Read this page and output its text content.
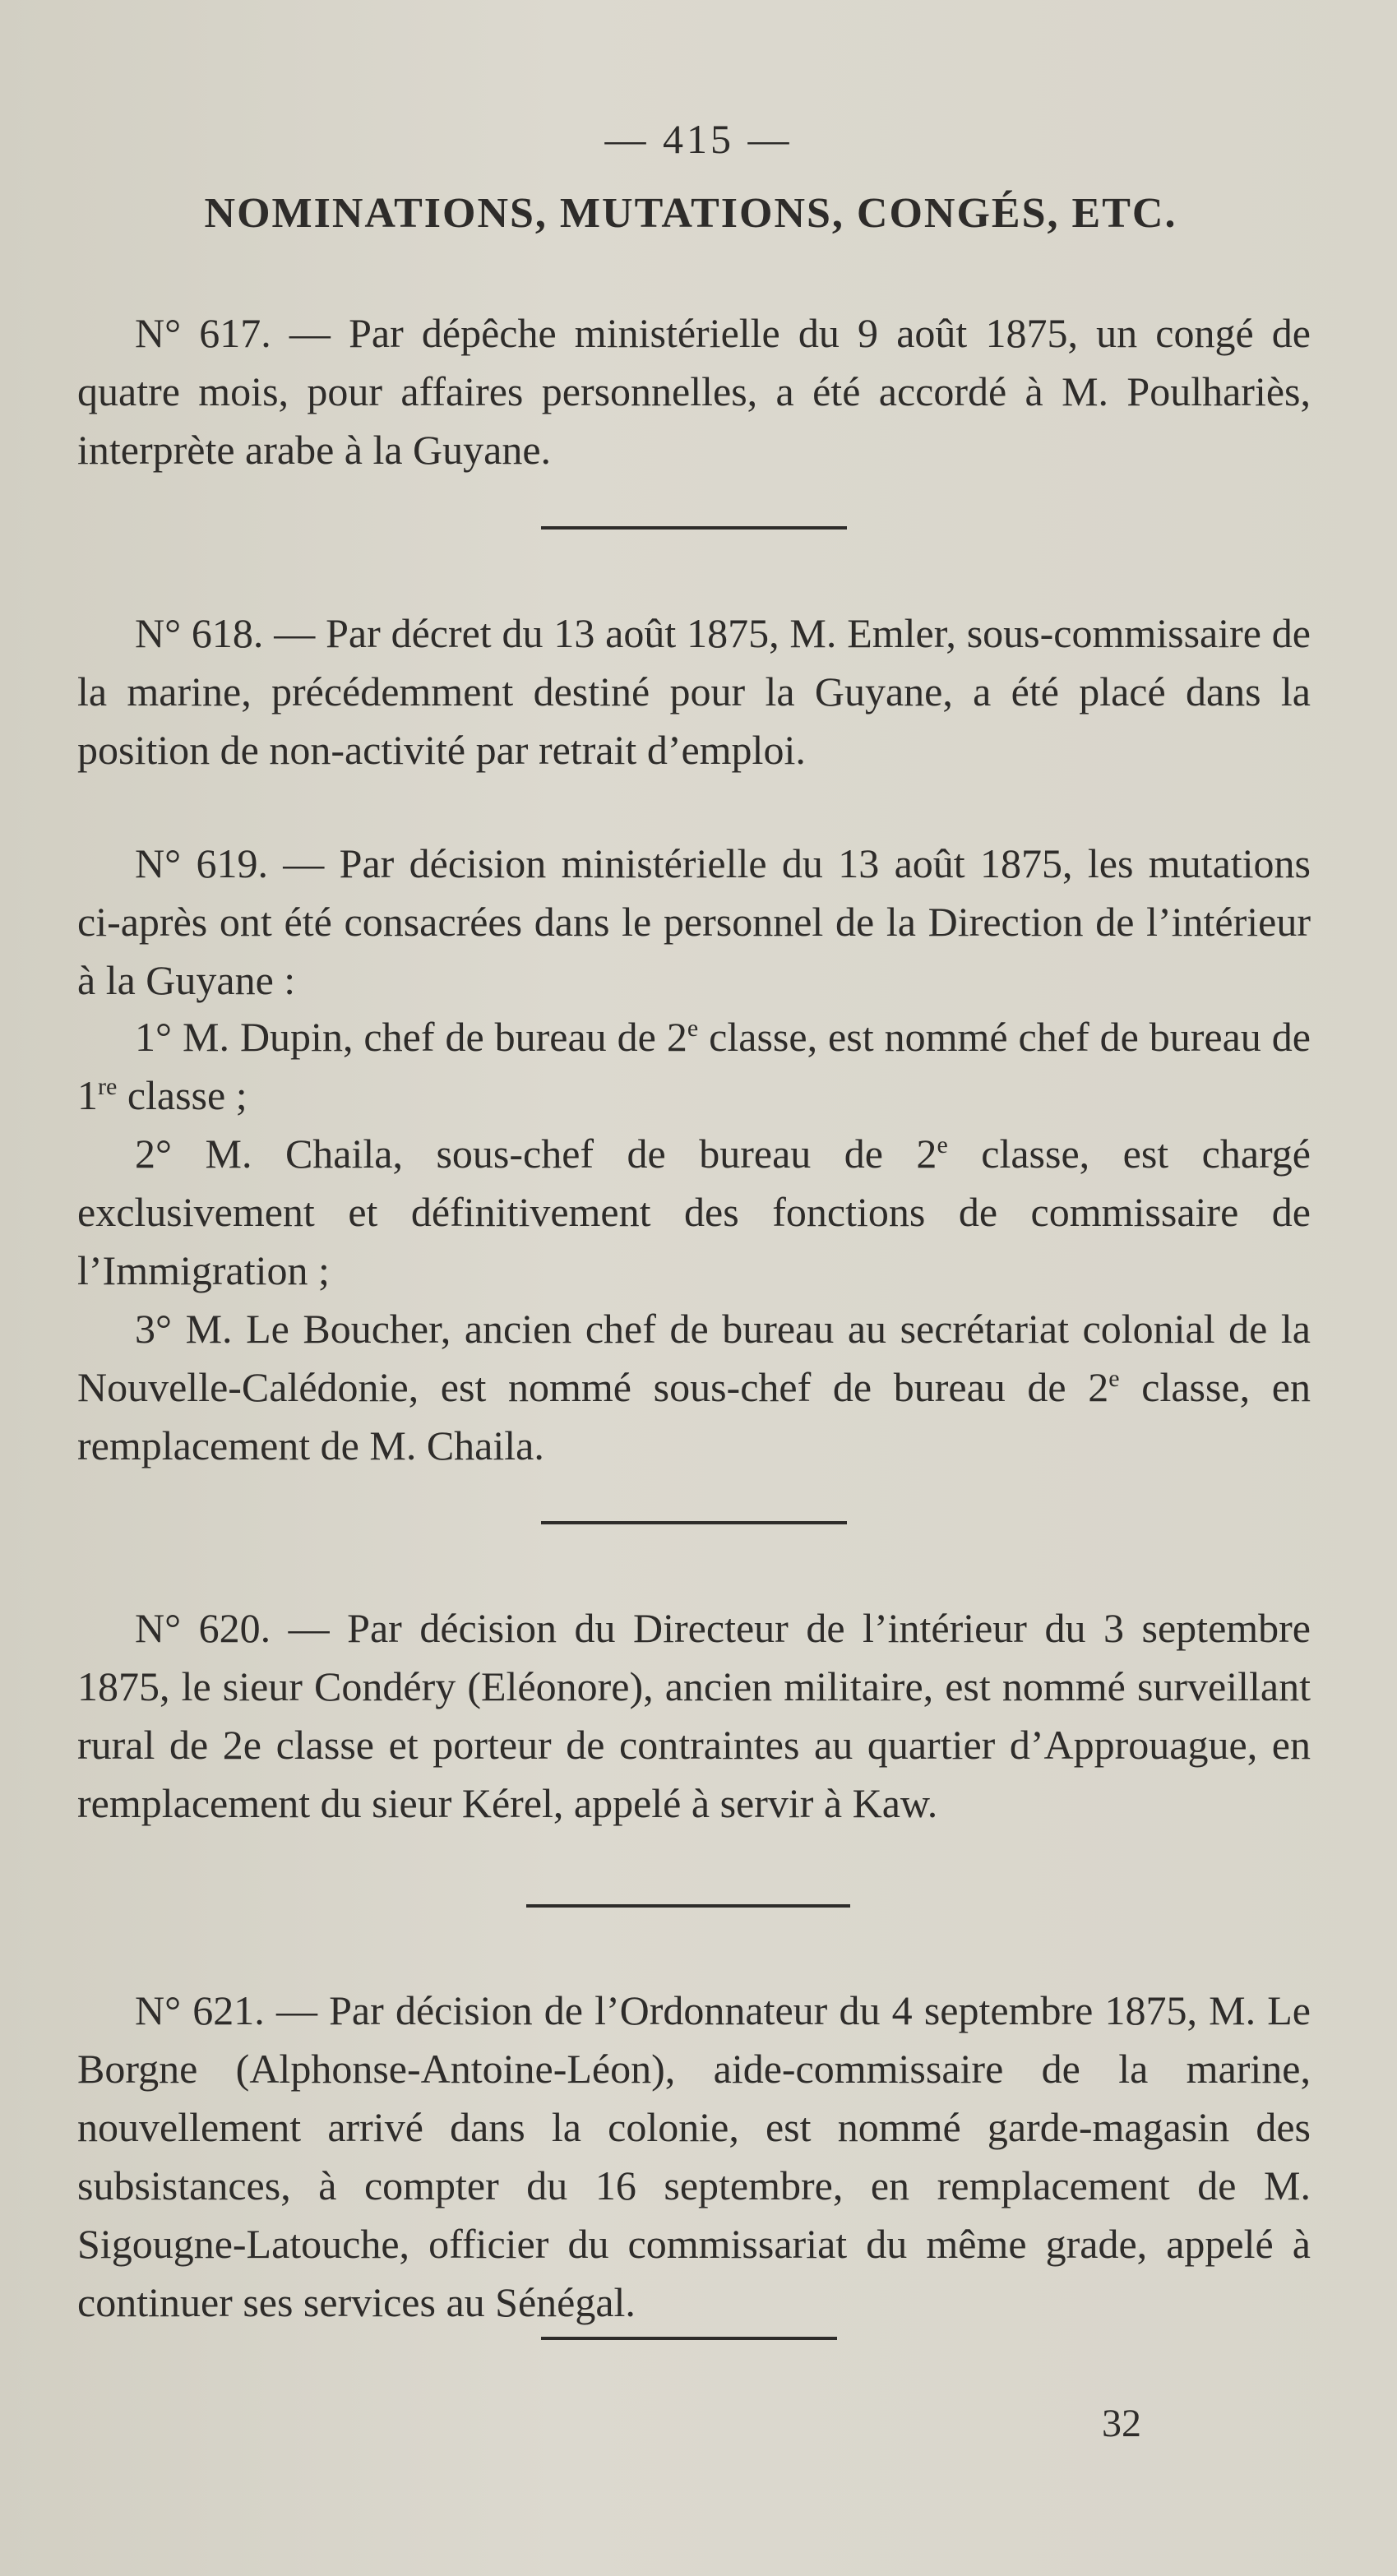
— 415 —
NOMINATIONS, MUTATIONS, CONGÉS, ETC.
N° 617. — Par dépêche ministérielle du 9 août 1875, un congé de quatre mois, pour affaires personnelles, a été accordé à M. Poulhariès, interprète arabe à la Guyane.
N° 618. — Par décret du 13 août 1875, M. Emler, sous-commissaire de la marine, précédemment destiné pour la Guyane, a été placé dans la position de non-activité par retrait d’emploi.
N° 619. — Par décision ministérielle du 13 août 1875, les mutations ci-après ont été consacrées dans le personnel de la Direction de l’intérieur à la Guyane :
1° M. Dupin, chef de bureau de 2e classe, est nommé chef de bureau de 1re classe ;
2° M. Chaila, sous-chef de bureau de 2e classe, est chargé exclusivement et définitivement des fonctions de commissaire de l’Immigration ;
3° M. Le Boucher, ancien chef de bureau au secrétariat colonial de la Nouvelle-Calédonie, est nommé sous-chef de bureau de 2e classe, en remplacement de M. Chaila.
N° 620. — Par décision du Directeur de l’intérieur du 3 septembre 1875, le sieur Condéry (Eléonore), ancien militaire, est nommé surveillant rural de 2e classe et porteur de contraintes au quartier d’Approuague, en remplacement du sieur Kérel, appelé à servir à Kaw.
N° 621. — Par décision de l’Ordonnateur du 4 septembre 1875, M. Le Borgne (Alphonse-Antoine-Léon), aide-commissaire de la marine, nouvellement arrivé dans la colonie, est nommé garde-magasin des subsistances, à compter du 16 septembre, en remplacement de M. Sigougne-Latouche, officier du commissariat du même grade, appelé à continuer ses services au Sénégal.
32
